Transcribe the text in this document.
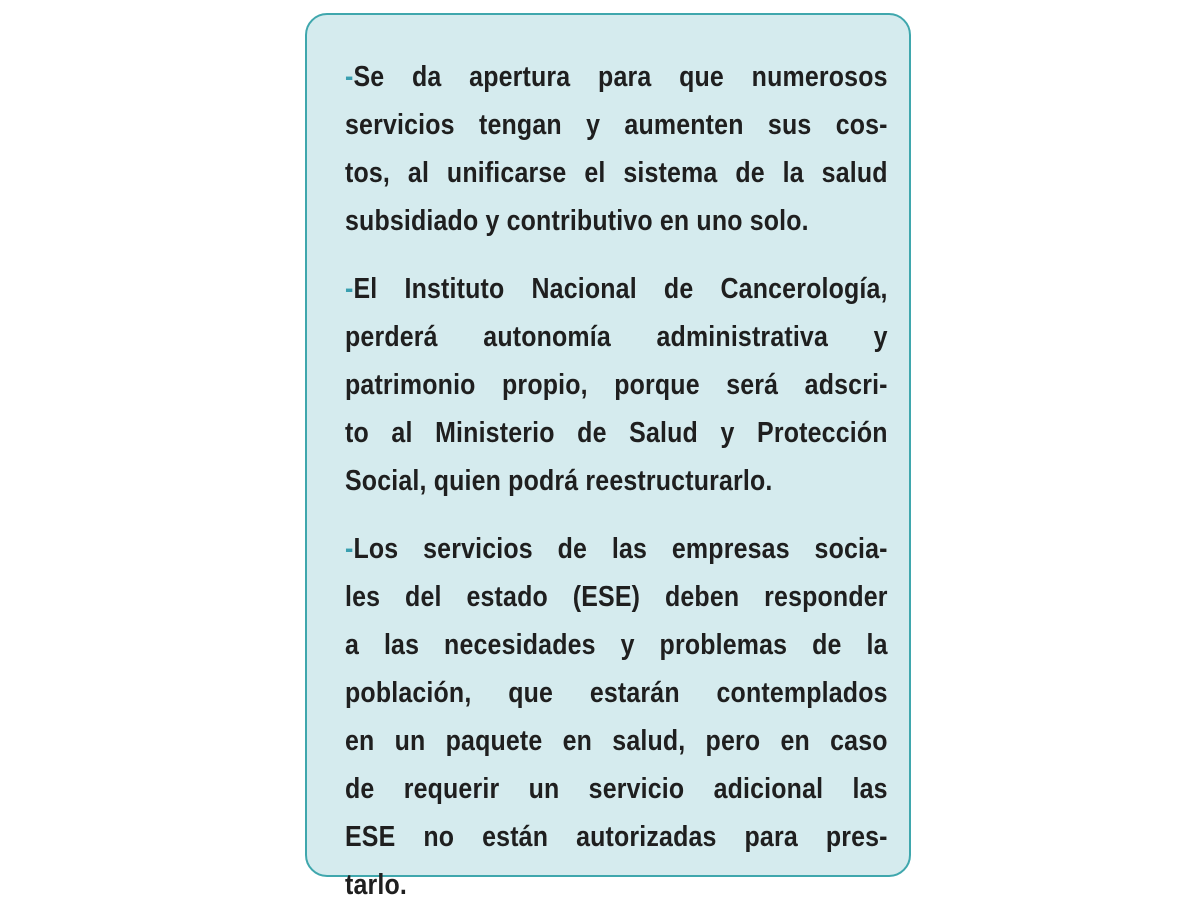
-Se da apertura para que numerosos
servicios tengan y aumenten sus cos-
tos, al unificarse el sistema de la salud
subsidiado y contributivo en uno solo.

-El Instituto Nacional de Cancerología,
perderá autonomía administrativa y
patrimonio propio, porque será adscri-
to al Ministerio de Salud y Protección
Social, quien podrá reestructurarlo.

-Los servicios de las empresas socia-
les del estado (ESE) deben responder
a las necesidades y problemas de la
población, que estarán contemplados
en un paquete en salud, pero en caso
de requerir un servicio adicional las
ESE no están autorizadas para pres-
tarlo.
